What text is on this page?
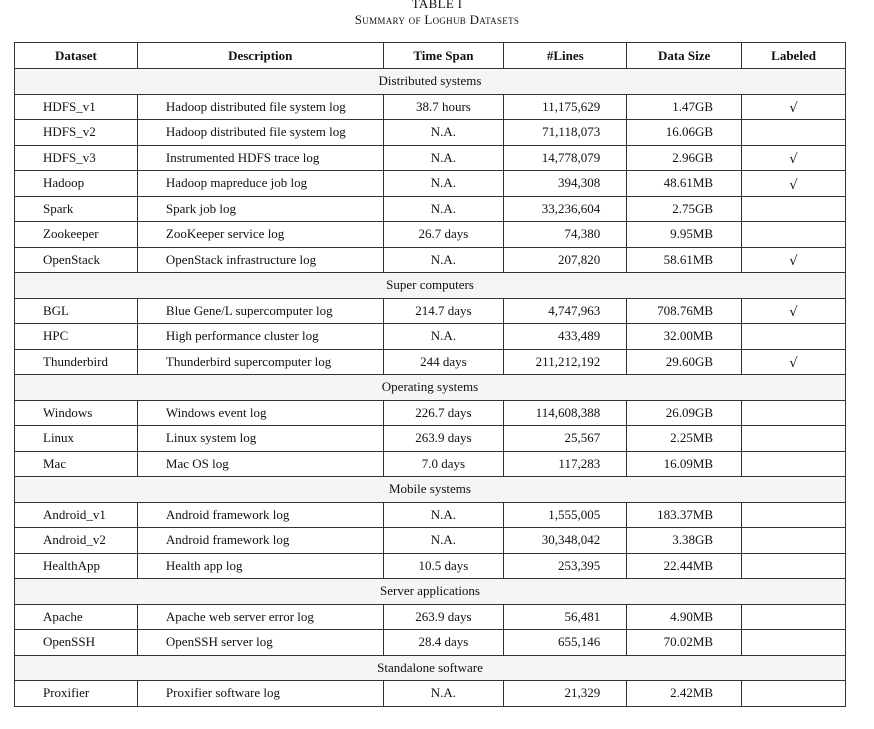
TABLE I
Summary of Loghub Datasets
Dataset	Description	Time Span	#Lines	Data Size	Labeled
Distributed systems					
HDFS_v1	Hadoop distributed file system log	38.7 hours	11,175,629	1.47GB	√
HDFS_v2	Hadoop distributed file system log	N.A.	71,118,073	16.06GB	
HDFS_v3	Instrumented HDFS trace log	N.A.	14,778,079	2.96GB	√
Hadoop	Hadoop mapreduce job log	N.A.	394,308	48.61MB	√
Spark	Spark job log	N.A.	33,236,604	2.75GB	
Zookeeper	ZooKeeper service log	26.7 days	74,380	9.95MB	
OpenStack	OpenStack infrastructure log	N.A.	207,820	58.61MB	√
Super computers					
BGL	Blue Gene/L supercomputer log	214.7 days	4,747,963	708.76MB	√
HPC	High performance cluster log	N.A.	433,489	32.00MB	
Thunderbird	Thunderbird supercomputer log	244 days	211,212,192	29.60GB	√
Operating systems					
Windows	Windows event log	226.7 days	114,608,388	26.09GB	
Linux	Linux system log	263.9 days	25,567	2.25MB	
Mac	Mac OS log	7.0 days	117,283	16.09MB	
Mobile systems					
Android_v1	Android framework log	N.A.	1,555,005	183.37MB	
Android_v2	Android framework log	N.A.	30,348,042	3.38GB	
HealthApp	Health app log	10.5 days	253,395	22.44MB	
Server applications					
Apache	Apache web server error log	263.9 days	56,481	4.90MB	
OpenSSH	OpenSSH server log	28.4 days	655,146	70.02MB	
Standalone software					
Proxifier	Proxifier software log	N.A.	21,329	2.42MB	
